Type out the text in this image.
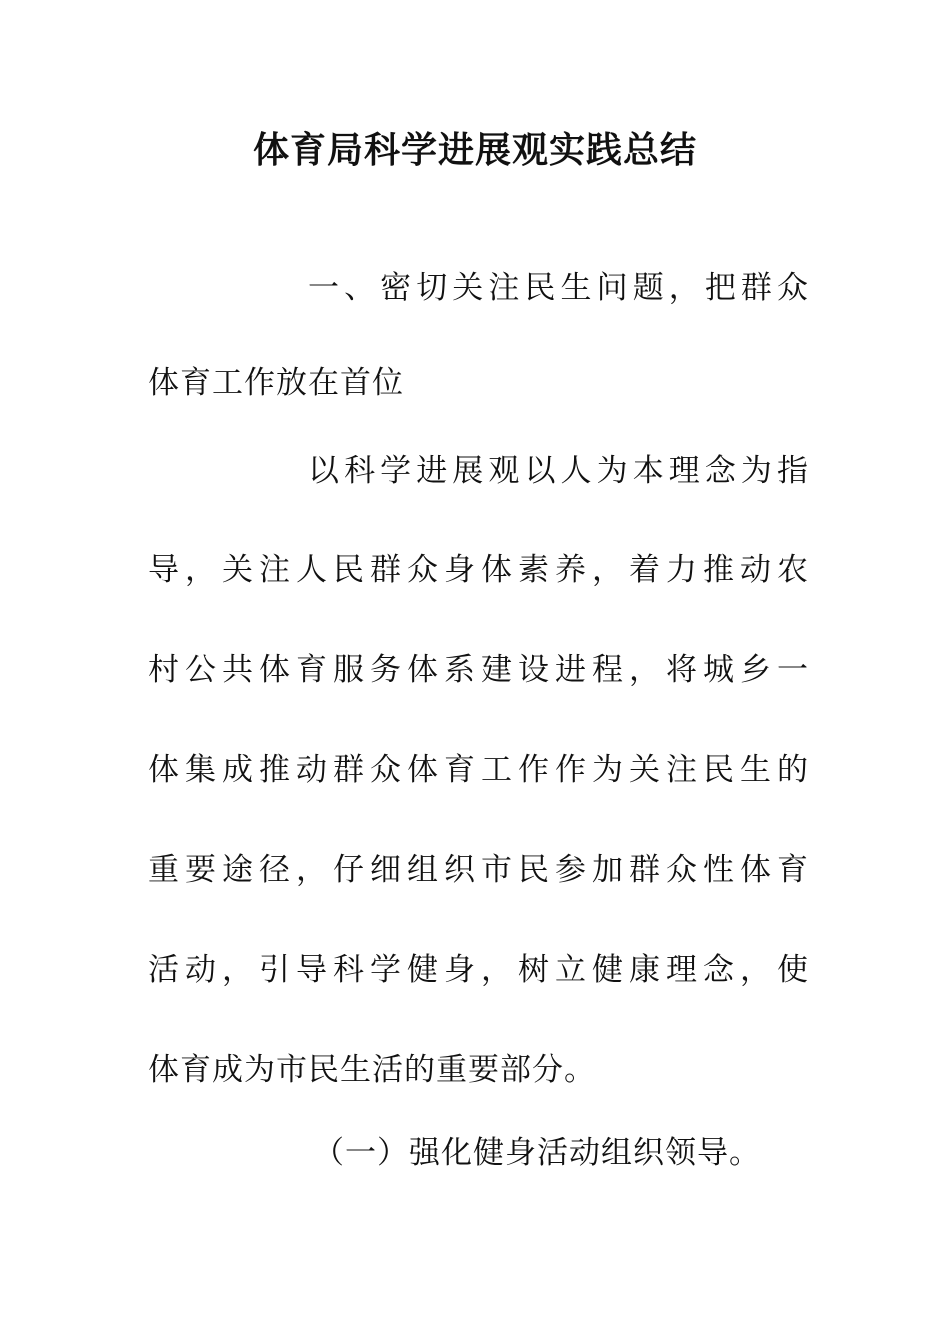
体育局科学进展观实践总结
一、密切关注民生问题，把群众
体育工作放在首位
以科学进展观以人为本理念为指
导，关注人民群众身体素养，着力推动农
村公共体育服务体系建设进程，将城乡一
体集成推动群众体育工作作为关注民生的
重要途径，仔细组织市民参加群众性体育
活动，引导科学健身，树立健康理念，使
体育成为市民生活的重要部分。
（一）强化健身活动组织领导。
